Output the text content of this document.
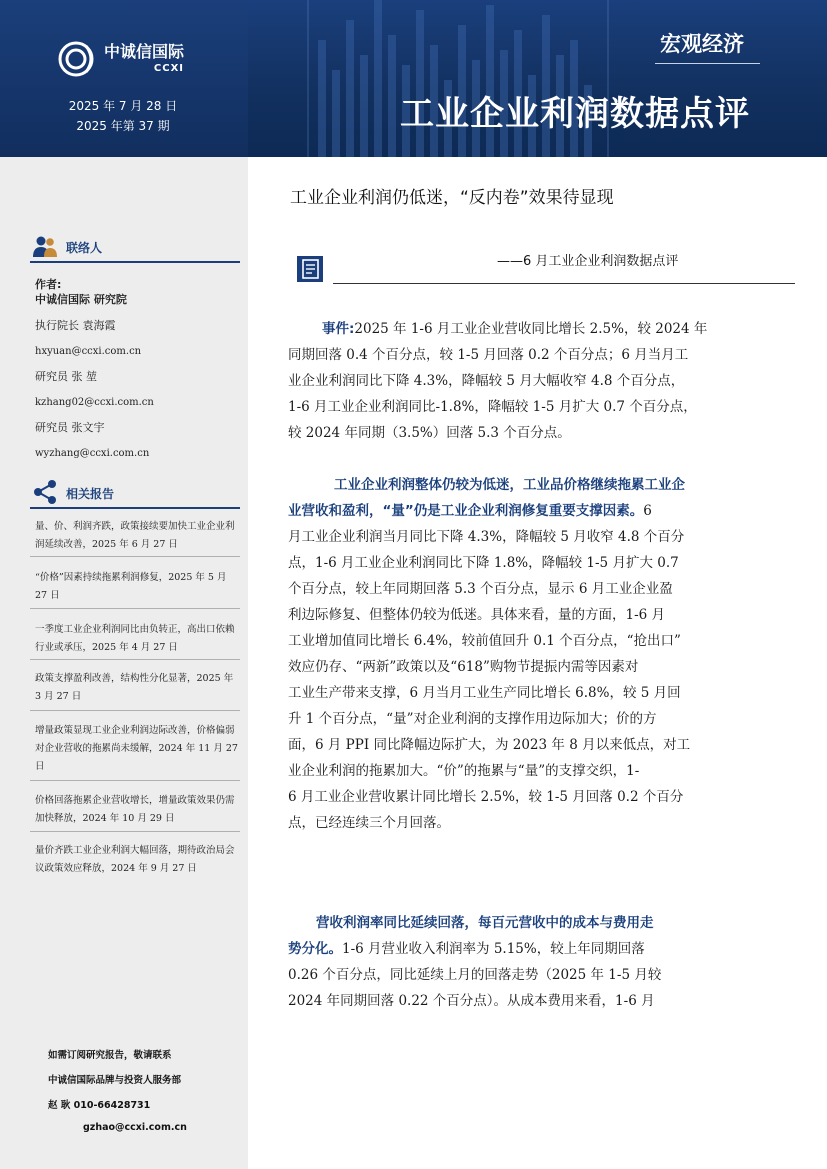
中诚信国际
CCXI
2025 年 7 月 28 日
2025 年第 37 期
宏观经济
工业企业利润数据点评
联络人
作者:
中诚信国际 研究院
执行院长 袁海霞
hxyuan@ccxi.com.cn
研究员 张 堃
kzhang02@ccxi.com.cn
研究员 张文宇
wyzhang@ccxi.com.cn
相关报告
量、价、利润齐跌，政策接续要加快工业企业利润延续改善，2025 年 6 月 27 日
“价格”因素持续拖累利润修复，2025 年 5 月 27 日
一季度工业企业利润同比由负转正，高出口依赖行业或承压，2025 年 4 月 27 日
政策支撑盈利改善，结构性分化显著，2025 年 3 月 27 日
增量政策显现工业企业利润边际改善，价格偏弱对企业营收的拖累尚未缓解，2024 年 11 月 27 日
价格回落拖累企业营收增长，增量政策效果仍需加快释放，2024 年 10 月 29 日
量价齐跌工业企业利润大幅回落，期待政治局会议政策效应释放，2024 年 9 月 27 日
如需订阅研究报告，敬请联系
中诚信国际品牌与投资人服务部
赵 耿 010-66428731
gzhao@ccxi.com.cn
工业企业利润仍低迷，“反内卷”效果待显现
——6 月工业企业利润数据点评

事件:2025 年 1-6 月工业企业营收同比增长 2.5%，较 2024 年

同期回落 0.4 个百分点，较 1-5 月回落 0.2 个百分点；6 月当月工

业企业利润同比下降 4.3%，降幅较 5 月大幅收窄 4.8 个百分点，

1-6 月工业企业利润同比-1.8%，降幅较 1-5 月扩大 0.7 个百分点，

较 2024 年同期（3.5%）回落 5.3 个百分点。

工业企业利润整体仍较为低迷，工业品价格继续拖累工业企

业营收和盈利，“量”仍是工业企业利润修复重要支撑因素。6

月工业企业利润当月同比下降 4.3%，降幅较 5 月收窄 4.8 个百分

点，1-6 月工业企业利润同比下降 1.8%，降幅较 1-5 月扩大 0.7

个百分点，较上年同期回落 5.3 个百分点，显示 6 月工业企业盈

利边际修复、但整体仍较为低迷。具体来看，量的方面，1-6 月

工业增加值同比增长 6.4%，较前值回升 0.1 个百分点，“抢出口”

效应仍存、“两新”政策以及“618”购物节提振内需等因素对

工业生产带来支撑，6 月当月工业生产同比增长 6.8%，较 5 月回

升 1 个百分点，“量”对企业利润的支撑作用边际加大；价的方

面，6 月 PPI 同比降幅边际扩大，为 2023 年 8 月以来低点，对工

业企业利润的拖累加大。“价”的拖累与“量”的支撑交织，1-

6 月工业企业营收累计同比增长 2.5%，较 1-5 月回落 0.2 个百分

点，已经连续三个月回落。

营收利润率同比延续回落，每百元营收中的成本与费用走

势分化。1-6 月营业收入利润率为 5.15%，较上年同期回落

0.26 个百分点，同比延续上月的回落走势（2025 年 1-5 月较

2024 年同期回落 0.22 个百分点）。从成本费用来看，1-6 月
